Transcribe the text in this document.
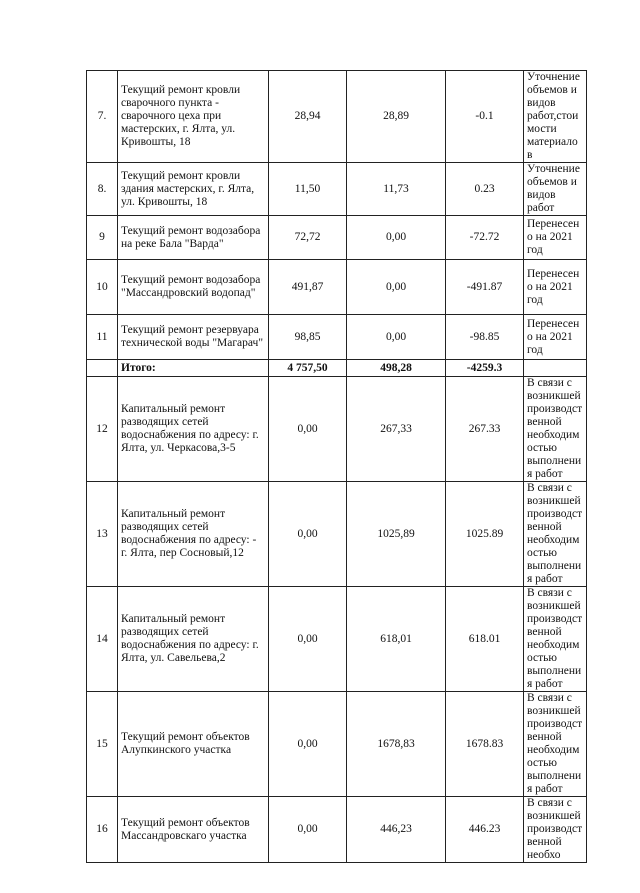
7.	Текущий ремонт кровли сварочного пункта - сварочного цеха при мастерских, г. Ялта, ул. Кривошты, 18	28,94	28,89	-0.1	Уточнение объемов и видов работ,стоимости материалов

8.	Текущий ремонт кровли здания мастерских, г. Ялта, ул. Кривошты, 18	11,50	11,73	0.23	Уточнение объемов и видов работ

9	Текущий ремонт водозабора на реке Бала "Варда"	72,72	0,00	-72.72	Перенесено на 2021 год

10	Текущий ремонт водозабора "Массандровский водопад"	491,87	0,00	-491.87	Перенесено на 2021 год

11	Текущий ремонт резервуара технической воды "Магарач"	98,85	0,00	-98.85	Перенесено на 2021 год

	Итого:	4 757,50	498,28	-4259.3	
12	Капитальный ремонт разводящих сетей водоснабжения по адресу: г. Ялта, ул. Черкасова,3-5	0,00	267,33	267.33	В связи с возникшей производственной необходимостью выполнения работ

13	Капитальный ремонт разводящих сетей водоснабжения по адресу: - г. Ялта, пер Сосновый,12	0,00	1025,89	1025.89	В связи с возникшей производственной необходимостью выполнения работ

14	Капитальный ремонт разводящих сетей водоснабжения по адресу: г. Ялта, ул. Савельева,2	0,00	618,01	618.01	В связи с возникшей производственной необходимостью выполнения работ

15	Текущий ремонт объектов Алупкинского участка	0,00	1678,83	1678.83	В связи с возникшей производственной необходимостью выполнения работ

16	Текущий ремонт объектов Массандровскаго участка	0,00	446,23	446.23	В связи с возникшей производственной необхо
